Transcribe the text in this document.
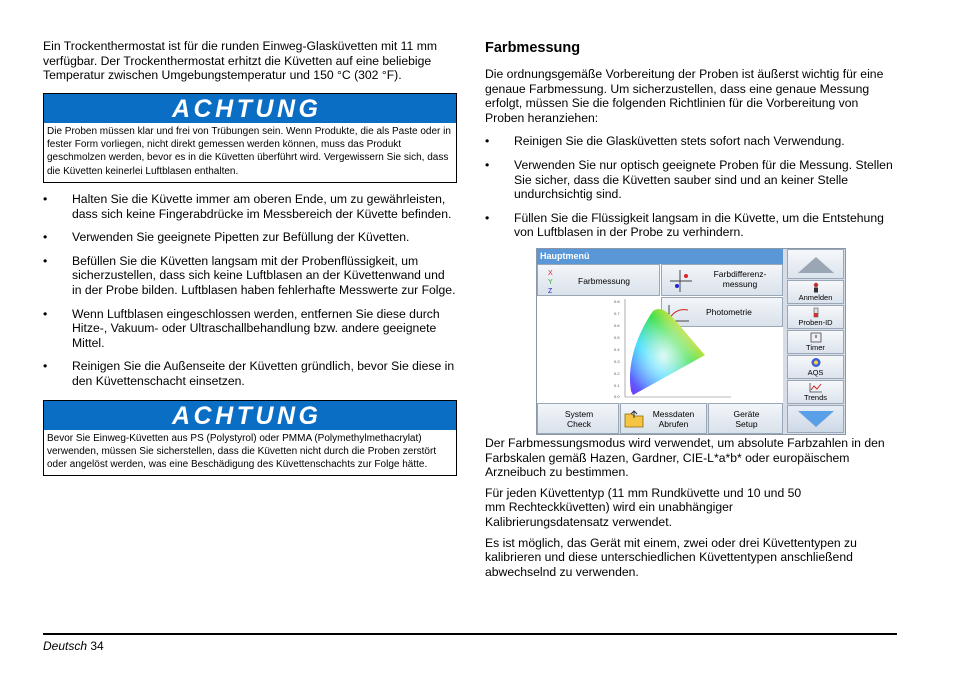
Ein Trockenthermostat ist für die runden Einweg-Glasküvetten mit 11 mm verfügbar. Der Trockenthermostat erhitzt die Küvetten auf eine beliebige Temperatur zwischen Umgebungstemperatur und 150 °C (302 °F).

ACHTUNG
Die Proben müssen klar und frei von Trübungen sein. Wenn Produkte, die als Paste oder in fester Form vorliegen, nicht direkt gemessen werden können, muss das Produkt geschmolzen werden, bevor es in die Küvetten überführt wird. Vergewissern Sie sich, dass die Küvetten keinerlei Luftblasen enthalten.
• Halten Sie die Küvette immer am oberen Ende, um zu gewährleisten, dass sich keine Fingerabdrücke im Messbereich der Küvette befinden.
• Verwenden Sie geeignete Pipetten zur Befüllung der Küvetten.
• Befüllen Sie die Küvetten langsam mit der Probenflüssigkeit, um sicherzustellen, dass sich keine Luftblasen an der Küvettenwand und in der Probe bilden. Luftblasen haben fehlerhafte Messwerte zur Folge.
• Wenn Luftblasen eingeschlossen werden, entfernen Sie diese durch Hitze-, Vakuum- oder Ultraschallbehandlung bzw. andere geeignete Mittel.
• Reinigen Sie die Außenseite der Küvetten gründlich, bevor Sie diese in den Küvettenschacht einsetzen.
ACHTUNG
Bevor Sie Einweg-Küvetten aus PS (Polystyrol) oder PMMA (Polymethylmethacrylat) verwenden, müssen Sie sicherstellen, dass die Küvetten nicht durch die Proben zerstört oder angelöst werden, was eine Beschädigung des Küvettenschachts zur Folge hätte.
Farbmessung

Die ordnungsgemäße Vorbereitung der Proben ist äußerst wichtig für eine genaue Farbmessung. Um sicherzustellen, dass eine genaue Messung erfolgt, müssen Sie die folgenden Richtlinien für die Vorbereitung von Proben heranziehen:

• Reinigen Sie die Glasküvetten stets sofort nach Verwendung.
• Verwenden Sie nur optisch geeignete Proben für die Messung. Stellen Sie sicher, dass die Küvetten sauber sind und an keiner Stelle undurchsichtig sind.
• Füllen Sie die Flüssigkeit langsam in die Küvette, um die Entstehung von Luftblasen in der Probe zu verhindern.
Hauptmenü
X
Y
Z
Farbmessung
Farbdifferenz-
messung
Photometrie
0.8
0.7
0.6
0.5
0.4
0.3
0.2
0.1
0.0
System
Check
Messdaten
Abrufen
Geräte
Setup
Anmelden
Proben-ID
Timer
AQS
Trends

Der Farbmessungsmodus wird verwendet, um absolute Farbzahlen in den Farbskalen gemäß Hazen, Gardner, CIE-L*a*b* oder europäischem Arzneibuch zu bestimmen.

Für jeden Küvettentyp (11 mm Rundküvette und 10 und 50 mm Rechteckküvetten) wird ein unabhängiger Kalibrierungsdatensatz verwendet.

Es ist möglich, das Gerät mit einem, zwei oder drei Küvettentypen zu kalibrieren und diese unterschiedlichen Küvettentypen anschließend abwechselnd zu verwenden.

Deutsch 34
